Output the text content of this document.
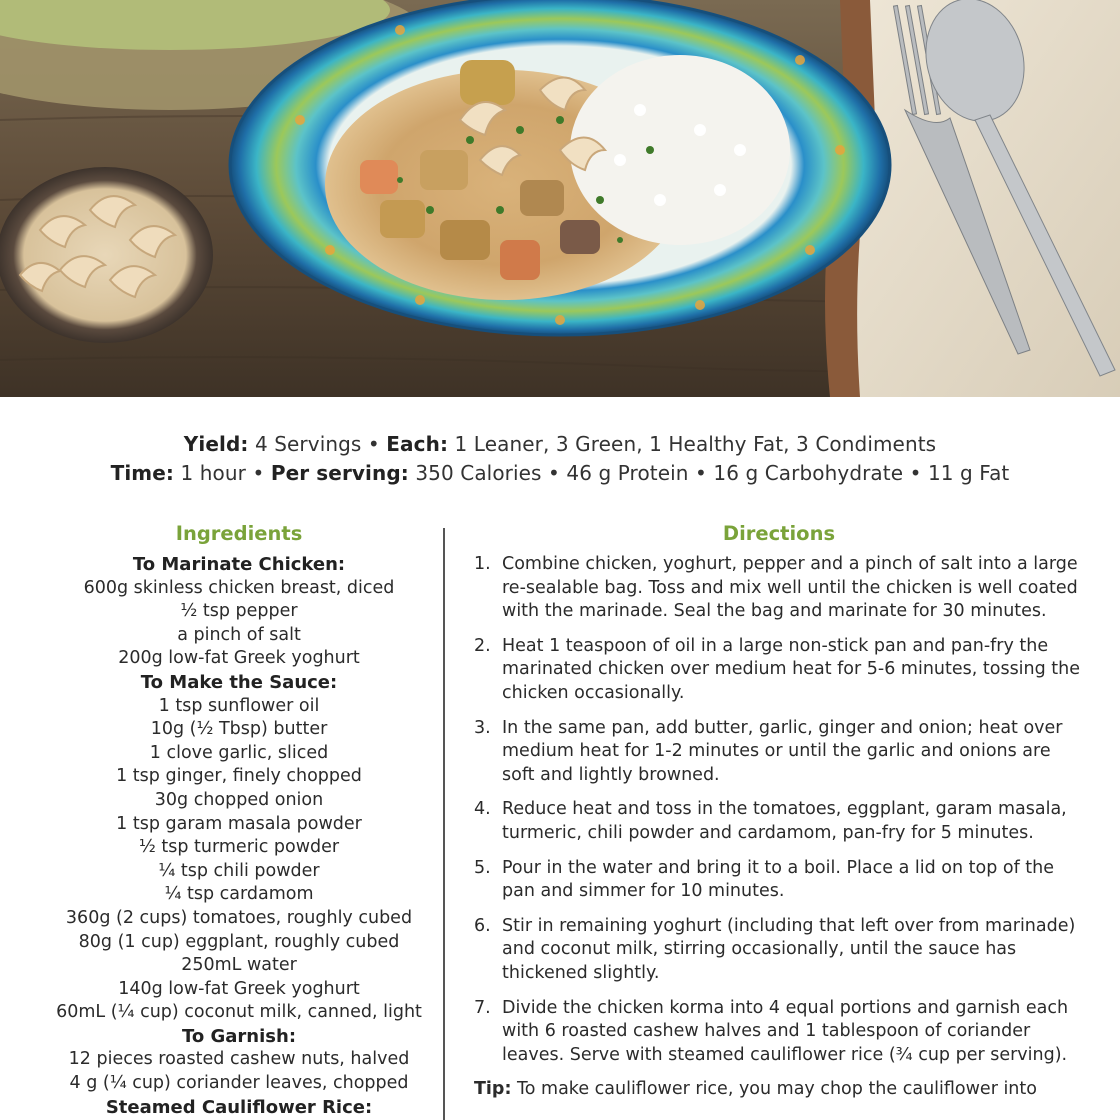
Yield: 4 Servings • Each: 1 Leaner, 3 Green, 1 Healthy Fat, 3 Condiments
Time: 1 hour • Per serving: 350 Calories • 46 g Protein • 16 g Carbohydrate • 11 g Fat
Ingredients
To Marinate Chicken:
600g skinless chicken breast, diced
½ tsp pepper
a pinch of salt
200g low-fat Greek yoghurt
To Make the Sauce:
1 tsp sunflower oil
10g (½ Tbsp) butter
1 clove garlic, sliced
1 tsp ginger, finely chopped
30g chopped onion
1 tsp garam masala powder
½ tsp turmeric powder
¼ tsp chili powder
¼ tsp cardamom
360g (2 cups) tomatoes, roughly cubed
80g (1 cup) eggplant, roughly cubed
250mL water
140g low-fat Greek yoghurt
60mL (¼ cup) coconut milk, canned, light
To Garnish:
12 pieces roasted cashew nuts, halved
4 g (¼ cup) coriander leaves, chopped
Steamed Cauliflower Rice:
Directions
1. Combine chicken, yoghurt, pepper and a pinch of salt into a large re-sealable bag. Toss and mix well until the chicken is well coated with the marinade. Seal the bag and marinate for 30 minutes.
2. Heat 1 teaspoon of oil in a large non-stick pan and pan-fry the marinated chicken over medium heat for 5-6 minutes, tossing the chicken occasionally.
3. In the same pan, add butter, garlic, ginger and onion; heat over medium heat for 1-2 minutes or until the garlic and onions are soft and lightly browned.
4. Reduce heat and toss in the tomatoes, eggplant, garam masala, turmeric, chili powder and cardamom, pan-fry for 5 minutes.
5. Pour in the water and bring it to a boil. Place a lid on top of the pan and simmer for 10 minutes.
6. Stir in remaining yoghurt (including that left over from marinade) and coconut milk, stirring occasionally, until the sauce has thickened slightly.
7. Divide the chicken korma into 4 equal portions and garnish each with 6 roasted cashew halves and 1 tablespoon of coriander leaves. Serve with steamed cauliflower rice (¾ cup per serving).
Tip: To make cauliflower rice, you may chop the cauliflower into
